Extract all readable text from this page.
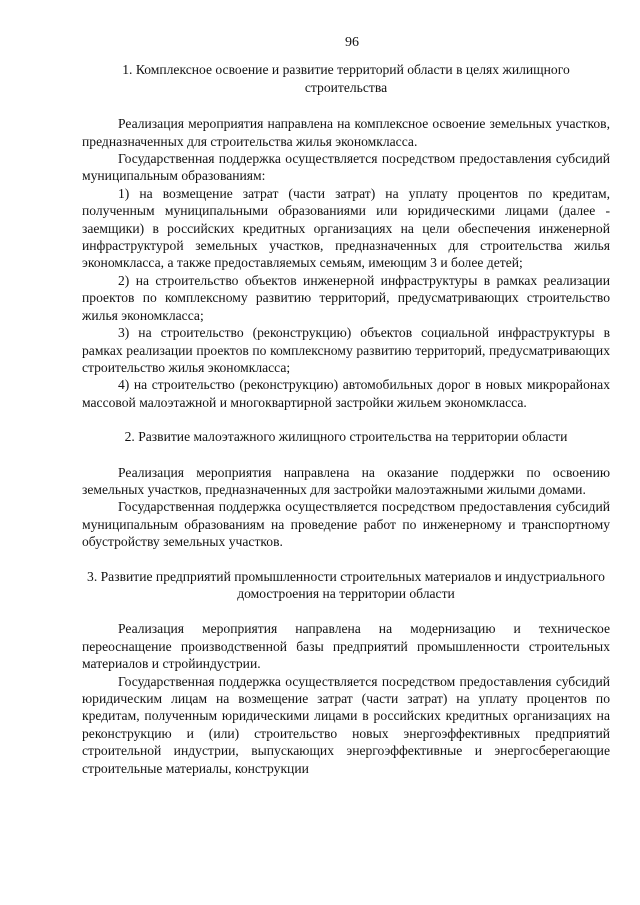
96
1. Комплексное освоение и развитие территорий области в целях жилищного строительства

Реализация мероприятия направлена на комплексное освоение земельных участков, предназначенных для строительства жилья экономкласса.

Государственная поддержка осуществляется посредством предоставления субсидий муниципальным образованиям:

1) на возмещение затрат (части затрат) на уплату процентов по кредитам, полученным муниципальными образованиями или юридическими лицами (далее - заемщики) в российских кредитных организациях на цели обеспечения инженерной инфраструктурой земельных участков, предназначенных для строительства жилья экономкласса, а также предоставляемых семьям, имеющим 3 и более детей;

2) на строительство объектов инженерной инфраструктуры в рамках реализации проектов по комплексному развитию территорий, предусматривающих строительство жилья экономкласса;

3) на строительство (реконструкцию) объектов социальной инфраструктуры в рамках реализации проектов по комплексному развитию территорий, предусматривающих строительство жилья экономкласса;

4) на строительство (реконструкцию) автомобильных дорог в новых микрорайонах массовой малоэтажной и многоквартирной застройки жильем экономкласса.

2. Развитие малоэтажного жилищного строительства на территории области

Реализация мероприятия направлена на оказание поддержки по освоению земельных участков, предназначенных для застройки малоэтажными жилыми домами.

Государственная поддержка осуществляется посредством предоставления субсидий муниципальным образованиям на проведение работ по инженерному и транспортному обустройству земельных участков.

3. Развитие предприятий промышленности строительных материалов и индустриального домостроения на территории области

Реализация мероприятия направлена на модернизацию и техническое переоснащение производственной базы предприятий промышленности строительных материалов и стройиндустрии.

Государственная поддержка осуществляется посредством предоставления субсидий юридическим лицам на возмещение затрат (части затрат) на уплату процентов по кредитам, полученным юридическими лицами в российских кредитных организациях на реконструкцию и (или) строительство новых энергоэффективных предприятий строительной индустрии, выпускающих энергоэффективные и энергосберегающие строительные материалы, конструкции
